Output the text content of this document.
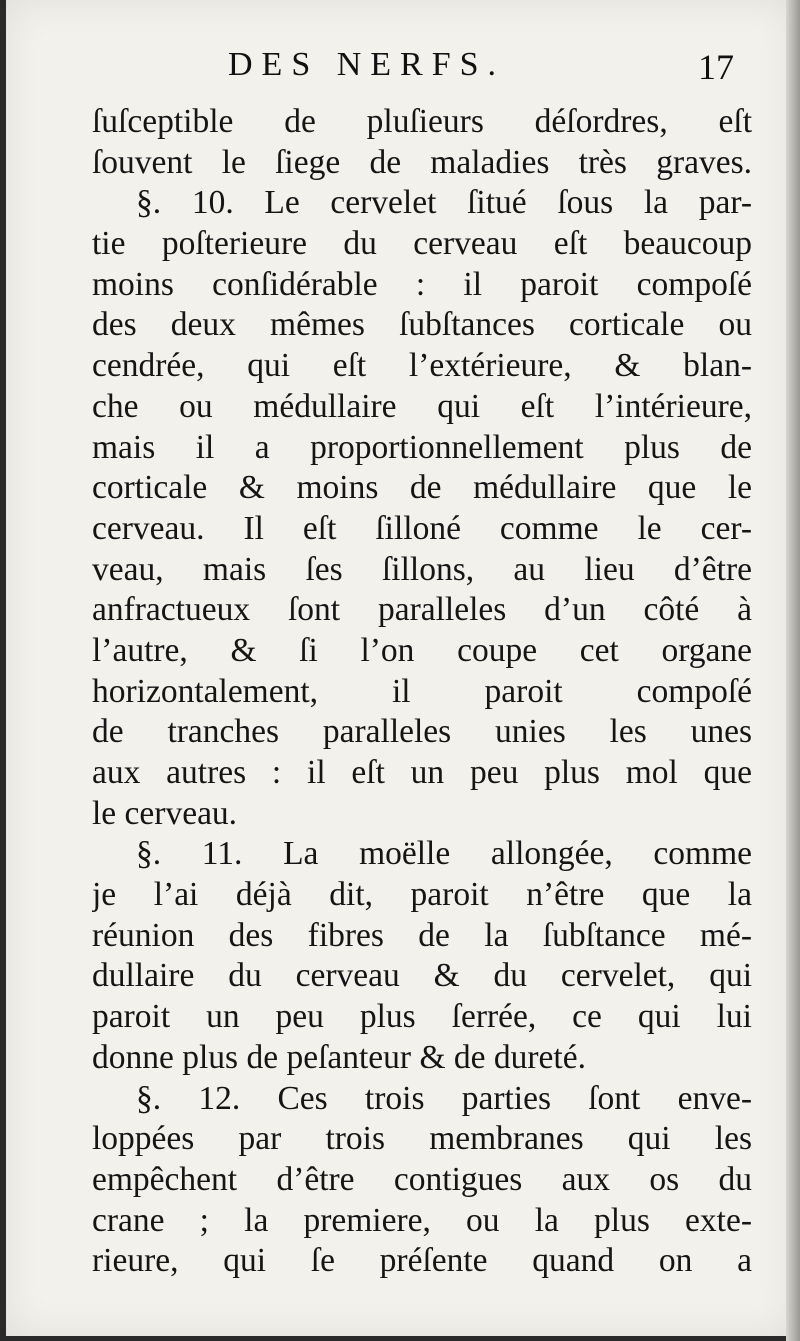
DES NERFS.	17
ſuſceptible de pluſieurs déſordres, eſt
ſouvent le ſiege de maladies très graves.
§. 10. Le cervelet ſitué ſous la par-
tie poſterieure du cerveau eſt beaucoup
moins conſidérable : il paroit compoſé
des deux mêmes ſubſtances corticale ou
cendrée, qui eſt l’extérieure, & blan-
che ou médullaire qui eſt l’intérieure,
mais il a proportionnellement plus de
corticale & moins de médullaire que le
cerveau. Il eſt ſilloné comme le cer-
veau, mais ſes ſillons, au lieu d’être
anfractueux ſont paralleles d’un côté à
l’autre, & ſi l’on coupe cet organe
horizontalement, il paroit compoſé
de tranches paralleles unies les unes
aux autres : il eſt un peu plus mol que
le cerveau.
§. 11. La moëlle allongée, comme
je l’ai déjà dit, paroit n’être que la
réunion des fibres de la ſubſtance mé-
dullaire du cerveau & du cervelet, qui
paroit un peu plus ſerrée, ce qui lui
donne plus de peſanteur & de dureté.
§. 12. Ces trois parties ſont enve-
loppées par trois membranes qui les
empêchent d’être contigues aux os du
crane ; la premiere, ou la plus exte-
rieure, qui ſe préſente quand on a
